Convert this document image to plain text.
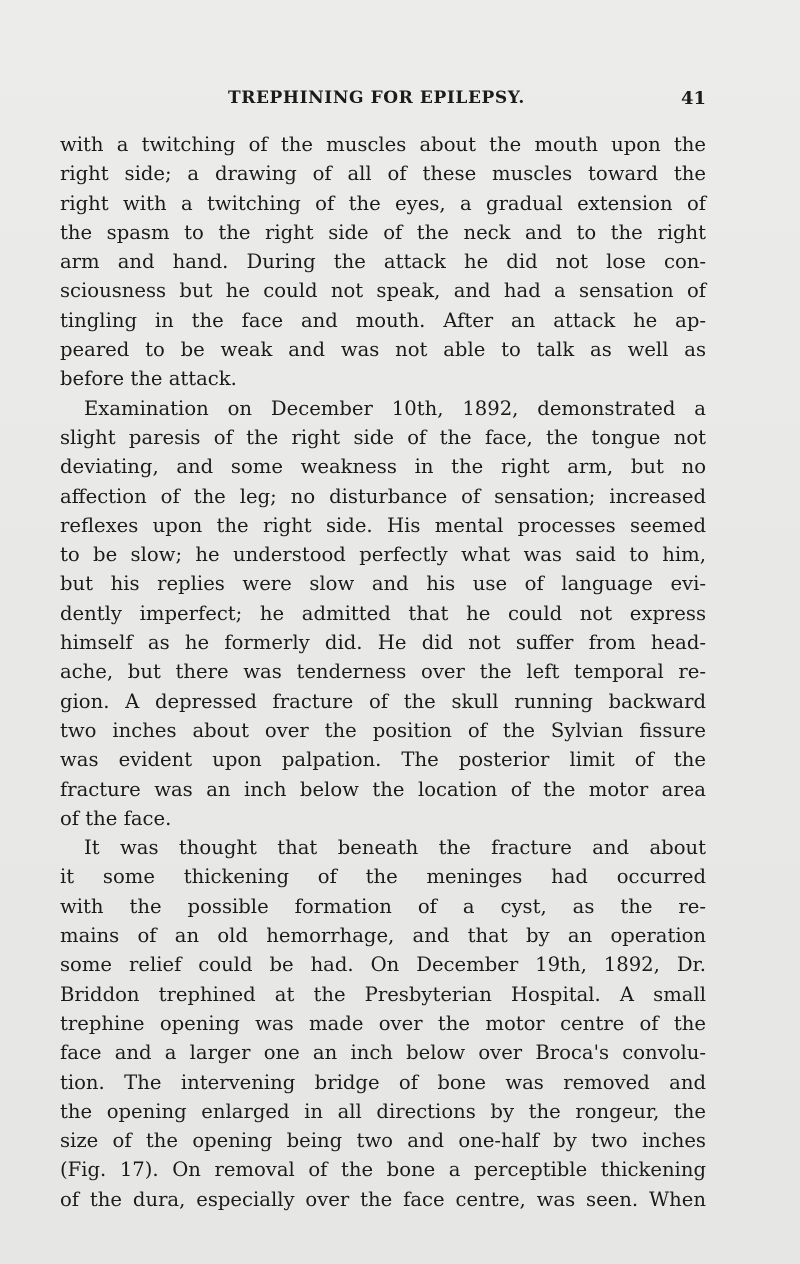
TREPHINING FOR EPILEPSY.	41
with a twitching of the muscles about the mouth upon the
right side; a drawing of all of these muscles toward the
right with a twitching of the eyes, a gradual extension of
the spasm to the right side of the neck and to the right
arm and hand. During the attack he did not lose con-
sciousness but he could not speak, and had a sensation of
tingling in the face and mouth. After an attack he ap-
peared to be weak and was not able to talk as well as
before the attack.
Examination on December 10th, 1892, demonstrated a
slight paresis of the right side of the face, the tongue not
deviating, and some weakness in the right arm, but no
affection of the leg; no disturbance of sensation; increased
reflexes upon the right side. His mental processes seemed
to be slow; he understood perfectly what was said to him,
but his replies were slow and his use of language evi-
dently imperfect; he admitted that he could not express
himself as he formerly did. He did not suffer from head-
ache, but there was tenderness over the left temporal re-
gion. A depressed fracture of the skull running backward
two inches about over the position of the Sylvian fissure
was evident upon palpation. The posterior limit of the
fracture was an inch below the location of the motor area
of the face.
It was thought that beneath the fracture and about
it some thickening of the meninges had occurred
with the possible formation of a cyst, as the re-
mains of an old hemorrhage, and that by an operation
some relief could be had. On December 19th, 1892, Dr.
Briddon trephined at the Presbyterian Hospital. A small
trephine opening was made over the motor centre of the
face and a larger one an inch below over Broca's convolu-
tion. The intervening bridge of bone was removed and
the opening enlarged in all directions by the rongeur, the
size of the opening being two and one-half by two inches
(Fig. 17). On removal of the bone a perceptible thickening
of the dura, especially over the face centre, was seen. When
